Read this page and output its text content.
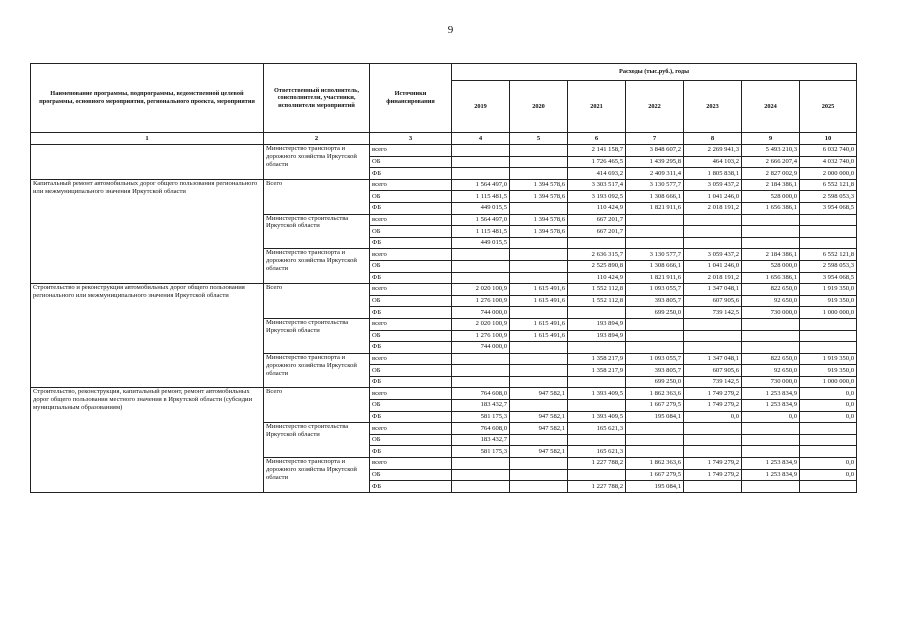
9
Наименование программы, подпрограммы, ведомственной целевой программы, основного мероприятия, регионального проекта, мероприятия	Ответственный исполнитель, соисполнители, участники, исполнители мероприятий	Источники финансирования	Расходы (тыс.руб.), годы						
			2019	2020	2021	2022	2023	2024	2025
1	2	3	4	5	6	7	8	9	10
	Министерство транспорта и дорожного хозяйства Иркутской области	всего			2 141 158,7	3 848 607,2	2 269 941,3	5 493 210,3	6 032 740,0
		ОБ			1 726 465,5	1 439 295,8	464 103,2	2 666 207,4	4 032 740,0
		ФБ			414 693,2	2 409 311,4	1 805 838,1	2 827 002,9	2 000 000,0
Капитальный ремонт автомобильных дорог общего пользования регионального или межмуниципального значения Иркутской области	Всего	всего	1 564 497,0	1 394 578,6	3 303 517,4	3 130 577,7	3 059 437,2	2 184 386,1	6 552 121,8
		ОБ	1 115 481,5	1 394 578,6	3 193 092,5	1 308 666,1	1 041 246,0	528 000,0	2 598 053,3
		ФБ	449 015,5		110 424,9	1 821 911,6	2 018 191,2	1 656 386,1	3 954 068,5
	Министерство строительства Иркутской области	всего	1 564 497,0	1 394 578,6	667 201,7				
		ОБ	1 115 481,5	1 394 578,6	667 201,7				
		ФБ	449 015,5						
	Министерство транспорта и дорожного хозяйства Иркутской области	всего			2 636 315,7	3 130 577,7	3 059 437,2	2 184 386,1	6 552 121,8
		ОБ			2 525 890,8	1 308 666,1	1 041 246,0	528 000,0	2 598 053,3
		ФБ			110 424,9	1 821 911,6	2 018 191,2	1 656 386,1	3 954 068,5
Строительство и реконструкция автомобильных дорог общего пользования регионального или межмуниципального значения Иркутской области	Всего	всего	2 020 100,9	1 615 491,6	1 552 112,8	1 093 055,7	1 347 048,1	822 650,0	1 919 350,0
		ОБ	1 276 100,9	1 615 491,6	1 552 112,8	393 805,7	607 905,6	92 650,0	919 350,0
		ФБ	744 000,0			699 250,0	739 142,5	730 000,0	1 000 000,0
	Министерство строительства Иркутской области	всего	2 020 100,9	1 615 491,6	193 894,9				
		ОБ	1 276 100,9	1 615 491,6	193 894,9				
		ФБ	744 000,0						
	Министерство транспорта и дорожного хозяйства Иркутской области	всего			1 358 217,9	1 093 055,7	1 347 048,1	822 650,0	1 919 350,0
		ОБ			1 358 217,9	393 805,7	607 905,6	92 650,0	919 350,0
		ФБ				699 250,0	739 142,5	730 000,0	1 000 000,0
Строительство, реконструкция, капитальный ремонт, ремонт автомобильных дорог общего пользования местного значения в Иркутской области (субсидии муниципальным образованиям)	Всего	всего	764 608,0	947 582,1	1 393 409,5	1 862 363,6	1 749 279,2	1 253 834,9	0,0
		ОБ	183 432,7			1 667 279,5	1 749 279,2	1 253 834,9	0,0
		ФБ	581 175,3	947 582,1	1 393 409,5	195 084,1	0,0	0,0	0,0
	Министерство строительства Иркутской области	всего	764 608,0	947 582,1	165 621,3				
		ОБ	183 432,7						
		ФБ	581 175,3	947 582,1	165 621,3				
	Министерство транспорта и дорожного хозяйства Иркутской области	всего			1 227 788,2	1 862 363,6	1 749 279,2	1 253 834,9	0,0
		ОБ				1 667 279,5	1 749 279,2	1 253 834,9	0,0
		ФБ			1 227 788,2	195 084,1			
